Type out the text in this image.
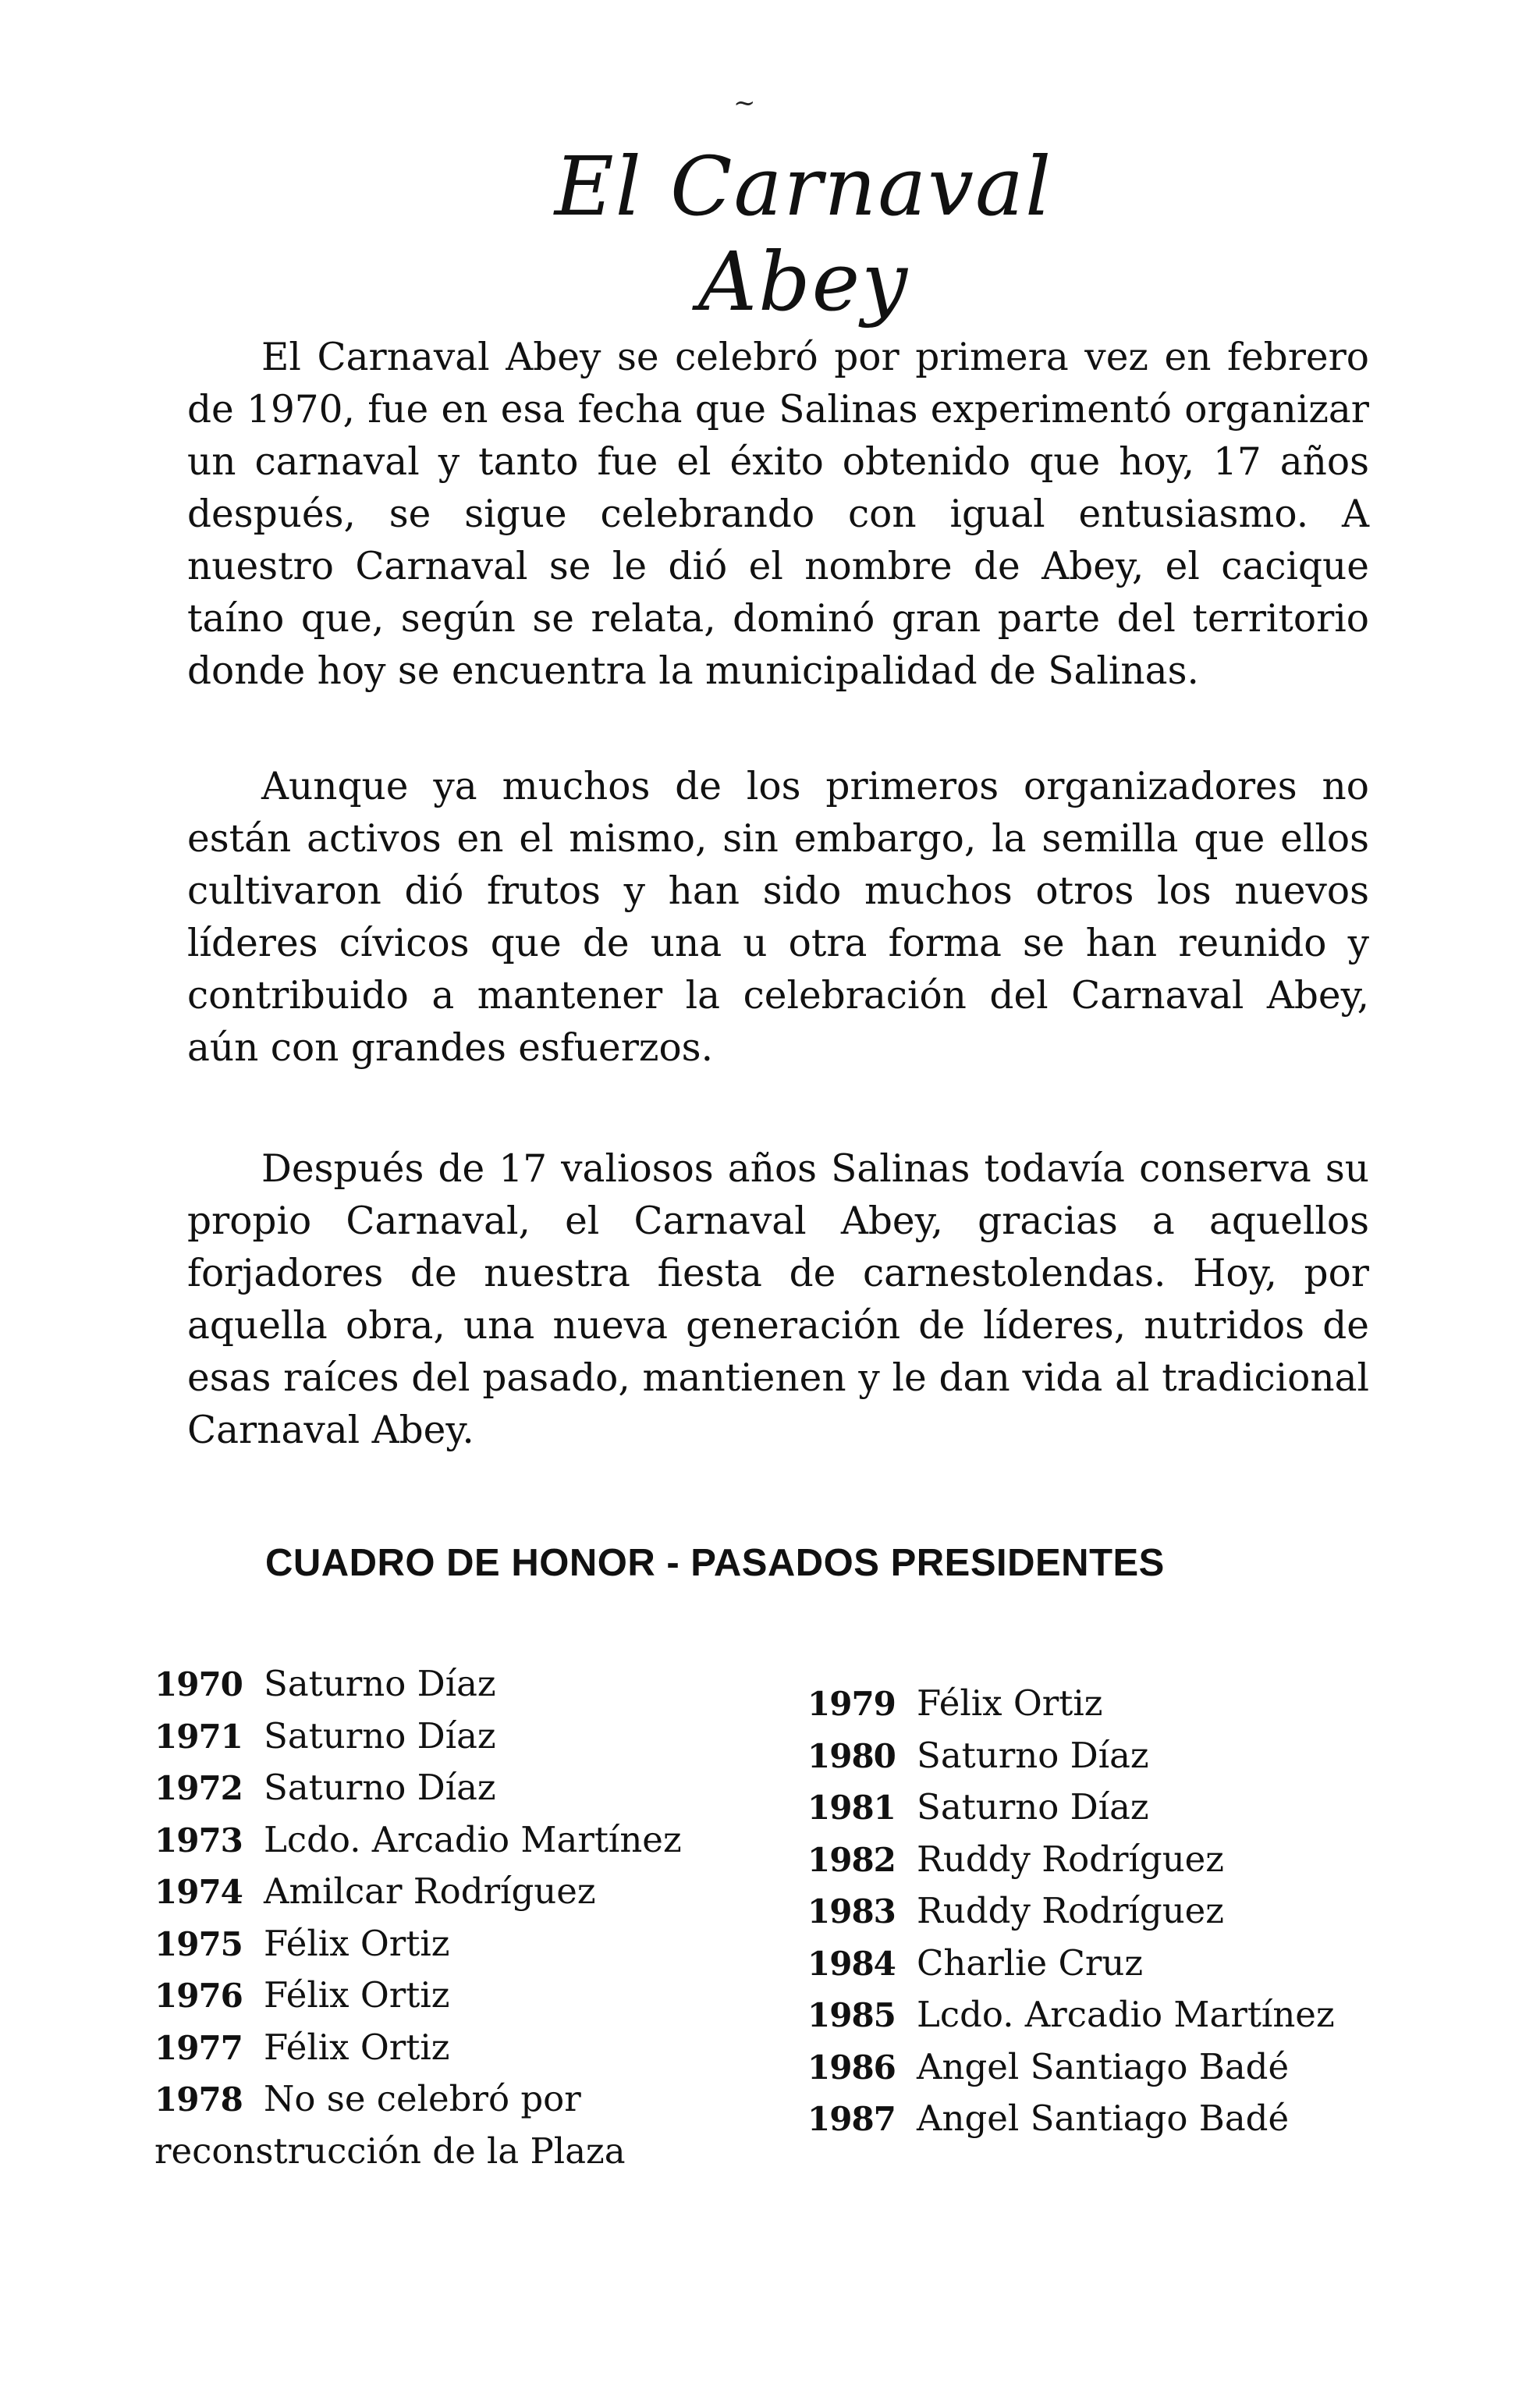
~
El Carnaval Abey

El Carnaval Abey se celebró por primera vez en febrero de 1970, fue en esa fecha que Salinas experimentó organizar un carnaval y tanto fue el éxito obtenido que hoy, 17 años después, se sigue celebrando con igual entusiasmo. A nuestro Carnaval se le dió el nombre de Abey, el cacique taíno que, según se relata, dominó gran parte del territorio donde hoy se encuentra la municipalidad de Salinas.

Aunque ya muchos de los primeros organizadores no están activos en el mismo, sin embargo, la semilla que ellos cultivaron dió frutos y han sido muchos otros los nuevos líderes cívicos que de una u otra forma se han reunido y contribuido a mantener la celebración del Carnaval Abey, aún con grandes esfuerzos.

Después de 17 valiosos años Salinas todavía conserva su propio Carnaval, el Carnaval Abey, gracias a aquellos forjadores de nuestra fiesta de carnestolendas. Hoy, por aquella obra, una nueva generación de líderes, nutridos de esas raíces del pasado, mantienen y le dan vida al tradicional Carnaval Abey.

CUADRO DE HONOR - PASADOS PRESIDENTES
1970 Saturno Díaz
1971 Saturno Díaz
1972 Saturno Díaz
1973 Lcdo. Arcadio Martínez
1974 Amilcar Rodríguez
1975 Félix Ortiz
1976 Félix Ortiz
1977 Félix Ortiz
1978 No se celebró por
reconstrucción de la Plaza
1979 Félix Ortiz
1980 Saturno Díaz
1981 Saturno Díaz
1982 Ruddy Rodríguez
1983 Ruddy Rodríguez
1984 Charlie Cruz
1985 Lcdo. Arcadio Martínez
1986 Angel Santiago Badé
1987 Angel Santiago Badé
